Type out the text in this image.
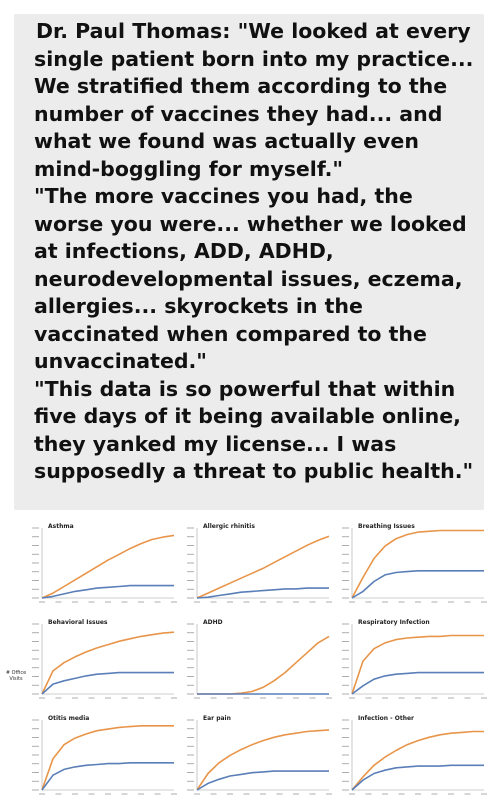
Dr. Paul Thomas: "We looked at every
single patient born into my practice...
We stratified them according to the
number of vaccines they had... and
what we found was actually even
mind-boggling for myself."
"The more vaccines you had, the
worse you were... whether we looked
at infections, ADD, ADHD,
neurodevelopmental issues, eczema,
allergies... skyrockets in the
vaccinated when compared to the
unvaccinated."
"This data is so powerful that within
five days of it being available online,
they yanked my license... I was
supposedly a threat to public health."
Asthma	Allergic rhinitis	Breathing Issues
Behavioral Issues	ADHD	Respiratory Infection
Otitis media	Ear pain	Infection - Other
# Office Visits
